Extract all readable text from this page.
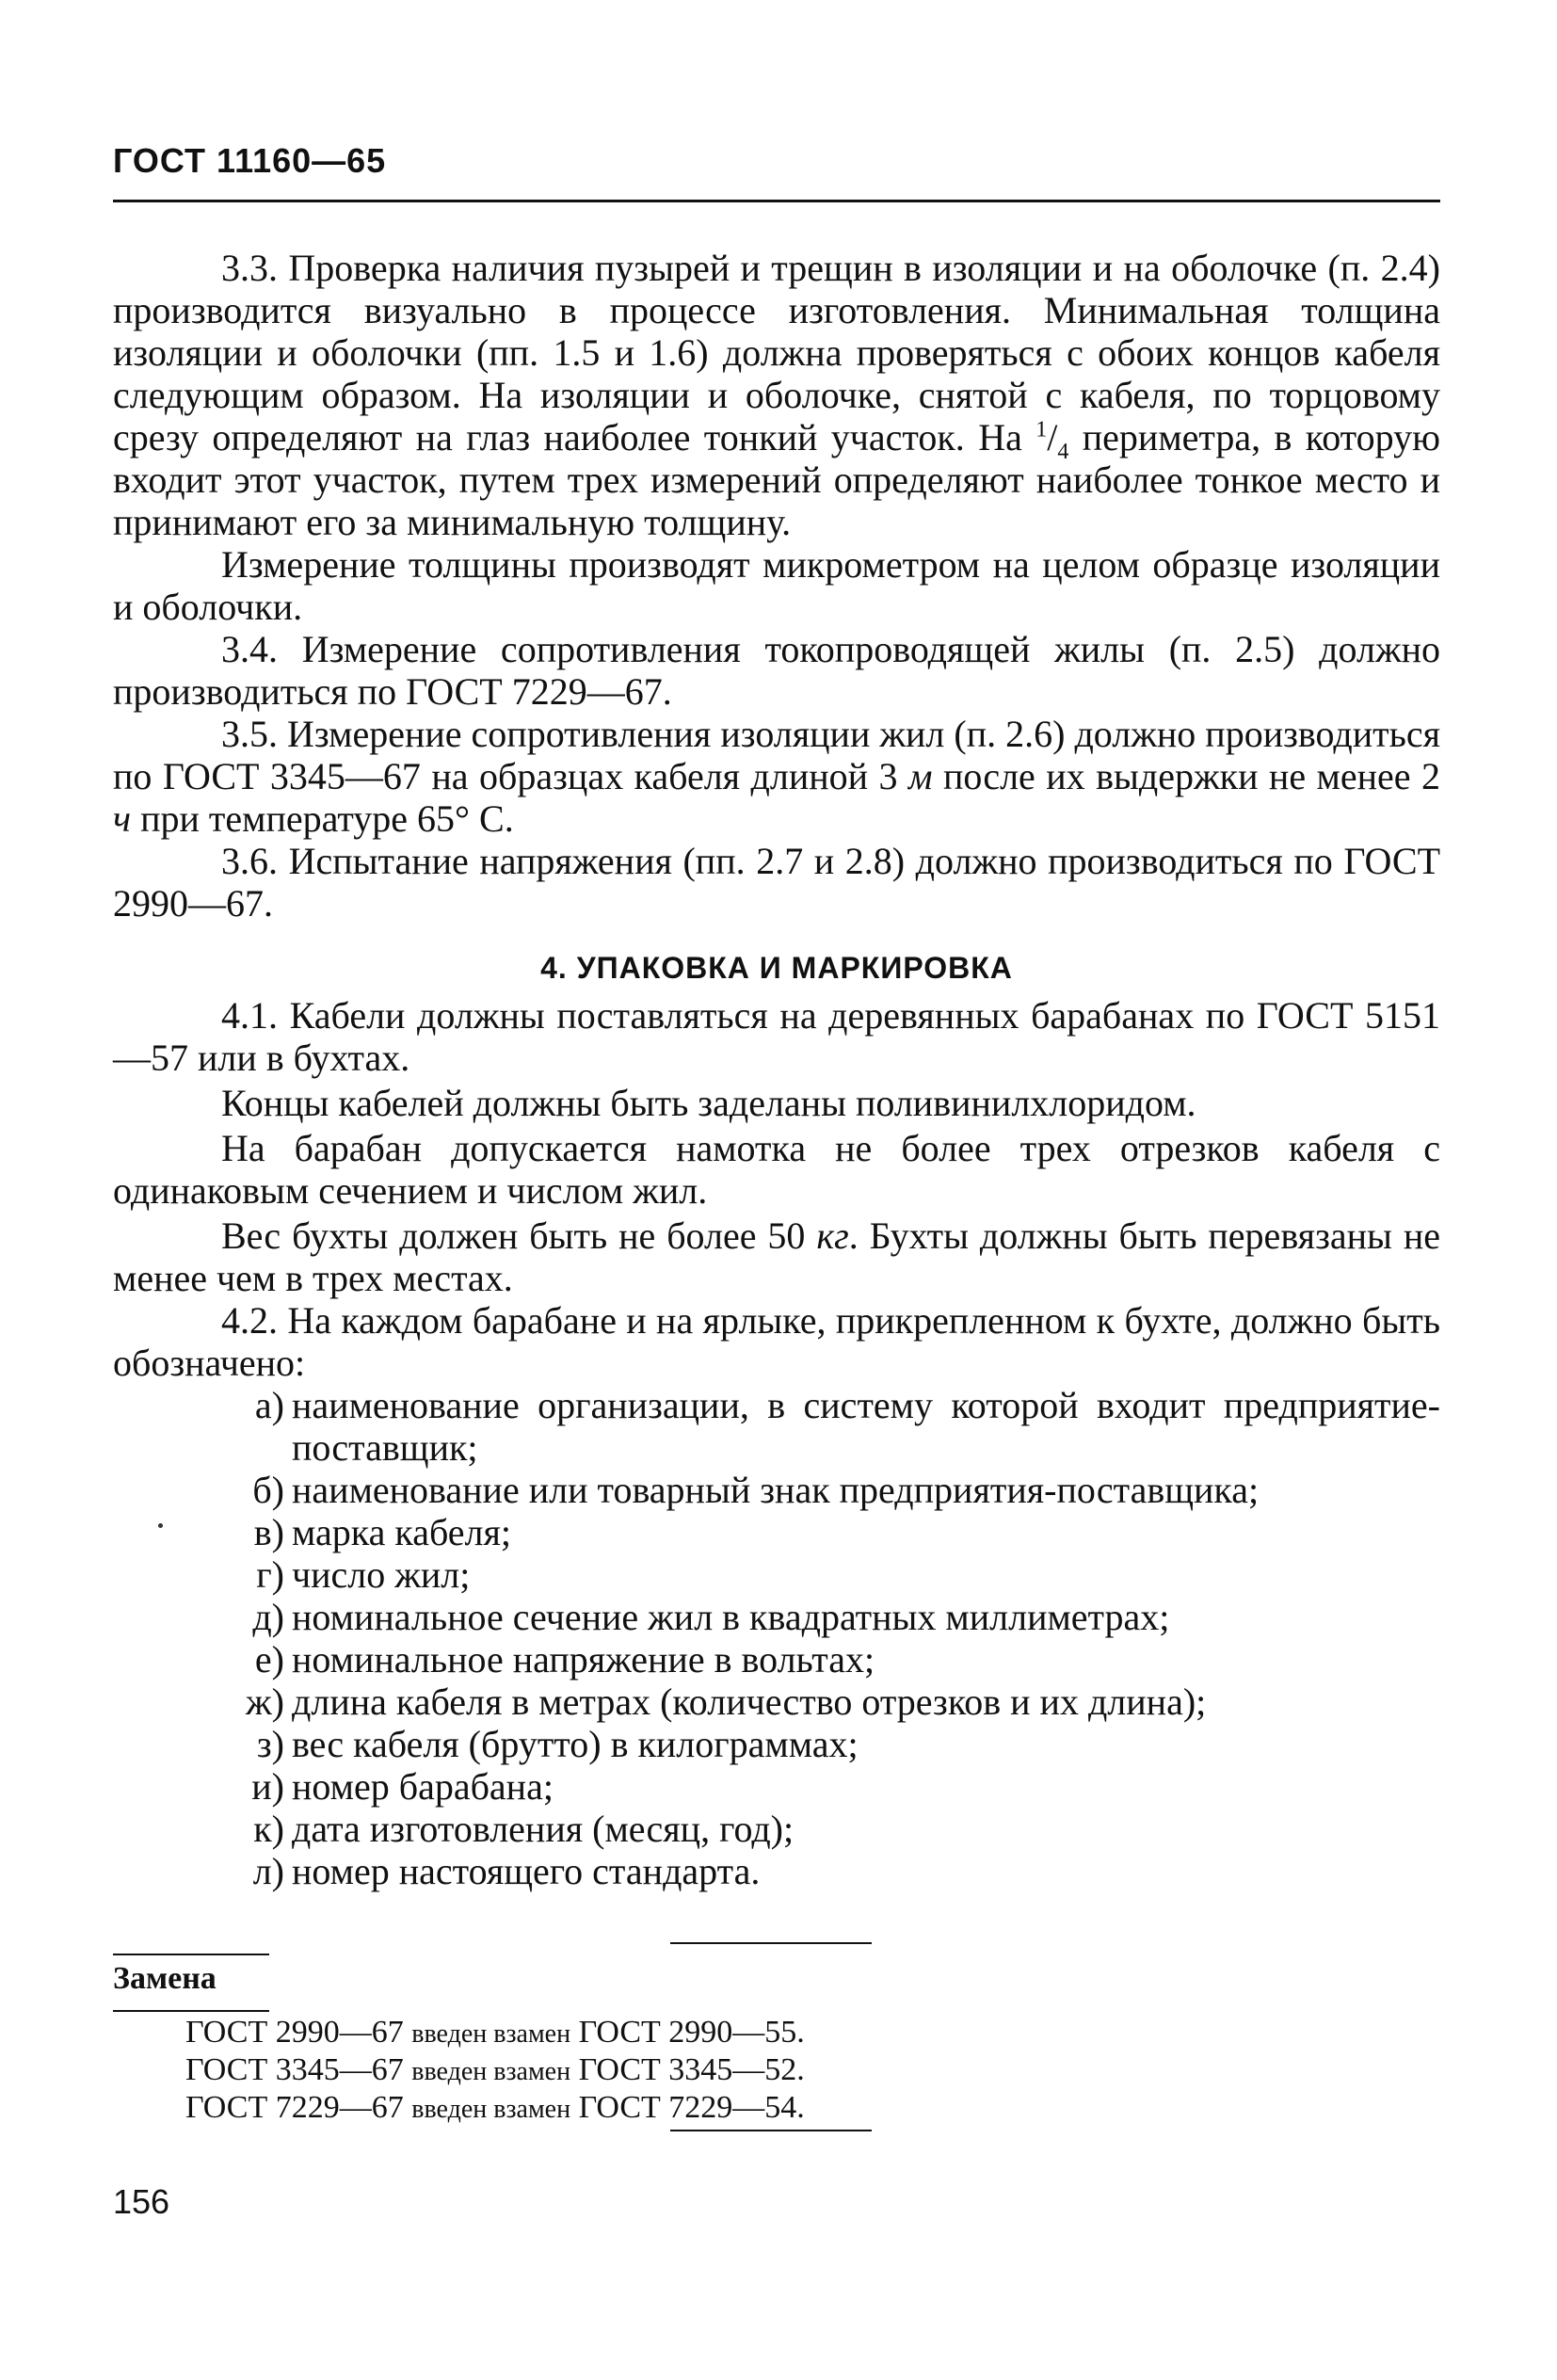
ГОСТ 11160—65

3.3. Проверка наличия пузырей и трещин в изоляции и на оболочке (п. 2.4) производится визуально в процессе изготовления. Минимальная толщина изоляции и оболочки (пп. 1.5 и 1.6) должна проверяться с обоих концов кабеля следующим образом. На изоляции и оболочке, снятой с кабеля, по торцовому срезу определяют на глаз наиболее тонкий участок. На $^1/_4$ периметра, в которую входит этот участок, путем трех измерений определяют наиболее тонкое место и принимают его за минимальную толщину.

Измерение толщины производят микрометром на целом образце изоляции и оболочки.

3.4. Измерение сопротивления токопроводящей жилы (п. 2.5) должно производиться по ГОСТ 7229—67.

3.5. Измерение сопротивления изоляции жил (п. 2.6) должно производиться по ГОСТ 3345—67 на образцах кабеля длиной 3 м после их выдержки не менее 2 ч при температуре 65° С.

3.6. Испытание напряжения (пп. 2.7 и 2.8) должно производиться по ГОСТ 2990—67.

4. УПАКОВКА И МАРКИРОВКА

4.1. Кабели должны поставляться на деревянных барабанах по ГОСТ 5151—57 или в бухтах.

Концы кабелей должны быть заделаны поливинилхлоридом.

На барабан допускается намотка не более трех отрезков кабеля с одинаковым сечением и числом жил.

Вес бухты должен быть не более 50 кг. Бухты должны быть перевязаны не менее чем в трех местах.

4.2. На каждом барабане и на ярлыке, прикрепленном к бухте, должно быть обозначено:

а) наименование организации, в систему которой входит предприятие-поставщик;
б) наименование или товарный знак предприятия-поставщика;
в) марка кабеля;
г) число жил;
д) номинальное сечение жил в квадратных миллиметрах;
е) номинальное напряжение в вольтах;
ж) длина кабеля в метрах (количество отрезков и их длина);
з) вес кабеля (брутто) в килограммах;
и) номер барабана;
к) дата изготовления (месяц, год);
л) номер настоящего стандарта.
Замена
ГОСТ 2990—67 введен взамен ГОСТ 2990—55.
ГОСТ 3345—67 введен взамен ГОСТ 3345—52.
ГОСТ 7229—67 введен взамен ГОСТ 7229—54.
156
